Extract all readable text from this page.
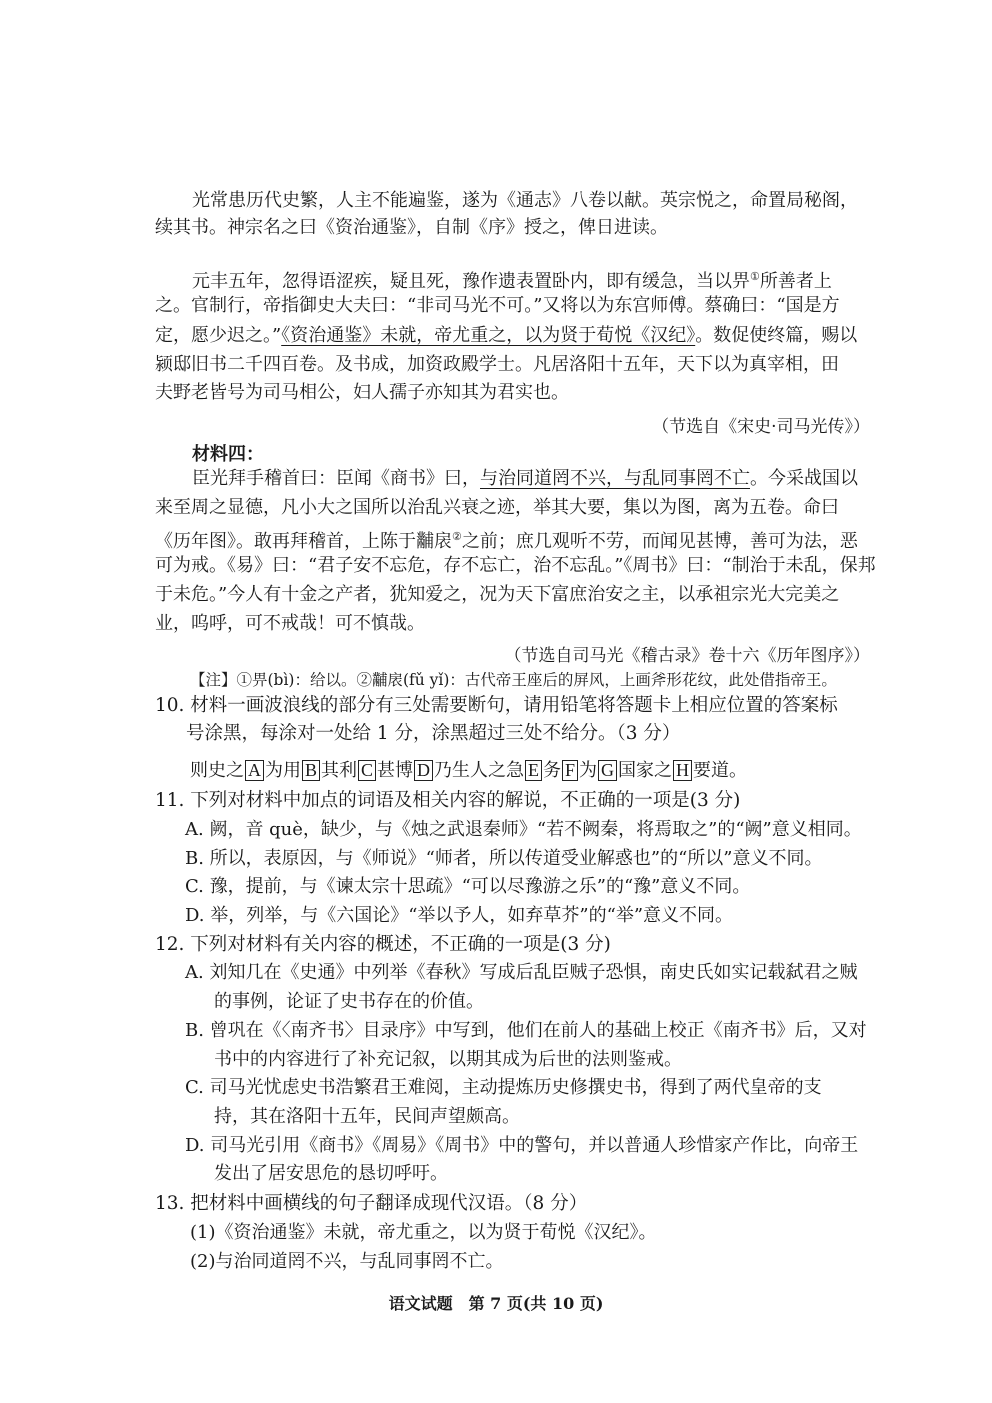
光常患历代史繁，人主不能遍鉴，遂为《通志》八卷以献。英宗悦之，命置局秘阁，
续其书。神宗名之曰《资治通鉴》，自制《序》授之，俾日进读。
元丰五年，忽得语涩疾，疑且死，豫作遗表置卧内，即有缓急，当以畀①所善者上
之。官制行，帝指御史大夫曰：“非司马光不可。”又将以为东宫师傅。蔡确曰：“国是方
定，愿少迟之。”《资治通鉴》未就，帝尤重之，以为贤于荀悦《汉纪》。数促使终篇，赐以
颍邸旧书二千四百卷。及书成，加资政殿学士。凡居洛阳十五年，天下以为真宰相，田
夫野老皆号为司马相公，妇人孺子亦知其为君实也。
（节选自《宋史·司马光传》）
材料四：
臣光拜手稽首曰：臣闻《商书》曰，与治同道罔不兴，与乱同事罔不亡。今采战国以
来至周之显德，凡小大之国所以治乱兴衰之迹，举其大要，集以为图，离为五卷。命曰
《历年图》。敢再拜稽首，上陈于黼扆②之前；庶几观听不劳，而闻见甚博，善可为法，恶
可为戒。《易》曰：“君子安不忘危，存不忘亡，治不忘乱。”《周书》曰：“制治于未乱，保邦
于未危。”今人有十金之产者，犹知爱之，况为天下富庶治安之主，以承祖宗光大完美之
业，呜呼，可不戒哉！可不慎哉。
（节选自司马光《稽古录》卷十六《历年图序》）
【注】①畀(bì)：给以。②黼扆(fǔ yǐ)：古代帝王座后的屏风，上画斧形花纹，此处借指帝王。
10. 材料一画波浪线的部分有三处需要断句，请用铅笔将答题卡上相应位置的答案标
号涂黑，每涂对一处给 1 分，涂黑超过三处不给分。（3 分）
则史之 A 为用 B 其利 C 甚博 D 乃生人之急 E 务 F 为 G 国家之 H 要道。
11. 下列对材料中加点的词语及相关内容的解说，不正确的一项是(3 分)
A. 阙，音 què，缺少，与《烛之武退秦师》“若不阙秦，将焉取之”的“阙”意义相同。
B. 所以，表原因，与《师说》“师者，所以传道受业解惑也”的“所以”意义不同。
C. 豫，提前，与《谏太宗十思疏》“可以尽豫游之乐”的“豫”意义不同。
D. 举，列举，与《六国论》“举以予人，如弃草芥”的“举”意义不同。
12. 下列对材料有关内容的概述，不正确的一项是(3 分)
A. 刘知几在《史通》中列举《春秋》写成后乱臣贼子恐惧，南史氏如实记载弑君之贼
的事例，论证了史书存在的价值。
B. 曾巩在《〈南齐书〉目录序》中写到，他们在前人的基础上校正《南齐书》后，又对
书中的内容进行了补充记叙，以期其成为后世的法则鉴戒。
C. 司马光忧虑史书浩繁君王难阅，主动提炼历史修撰史书，得到了两代皇帝的支
持，其在洛阳十五年，民间声望颇高。
D. 司马光引用《商书》《周易》《周书》中的警句，并以普通人珍惜家产作比，向帝王
发出了居安思危的恳切呼吁。
13. 把材料中画横线的句子翻译成现代汉语。（8 分）
(1)《资治通鉴》未就，帝尤重之，以为贤于荀悦《汉纪》。
(2)与治同道罔不兴，与乱同事罔不亡。
语文试题　第 7 页(共 10 页)
